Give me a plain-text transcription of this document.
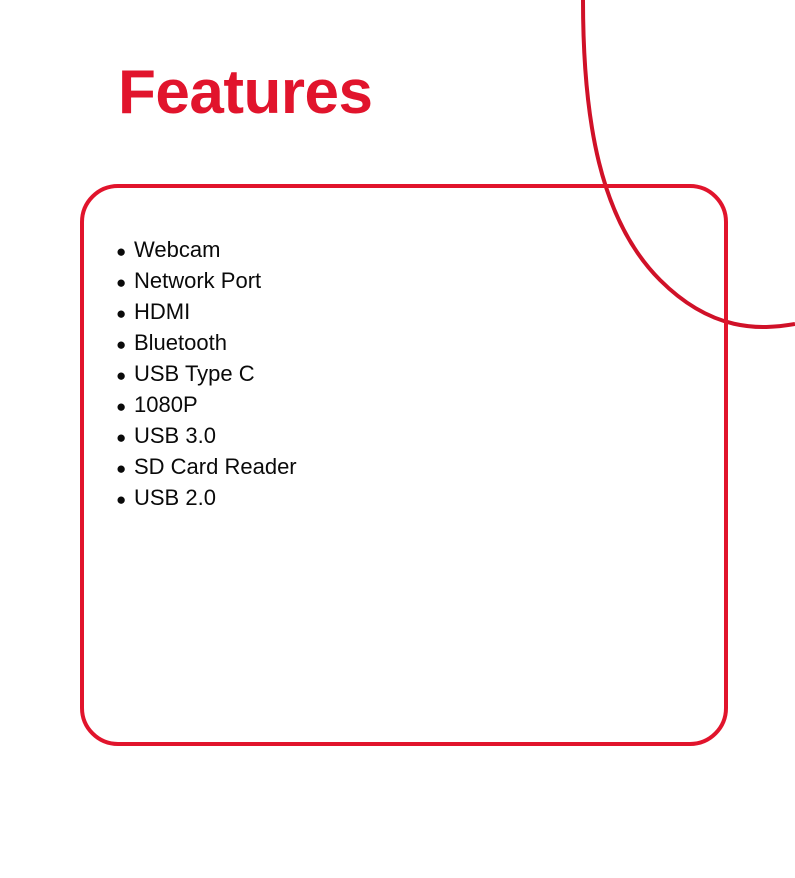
Features
● Webcam
● Network Port
● HDMI
● Bluetooth
● USB Type C
● 1080P
● USB 3.0
● SD Card Reader
● USB 2.0
